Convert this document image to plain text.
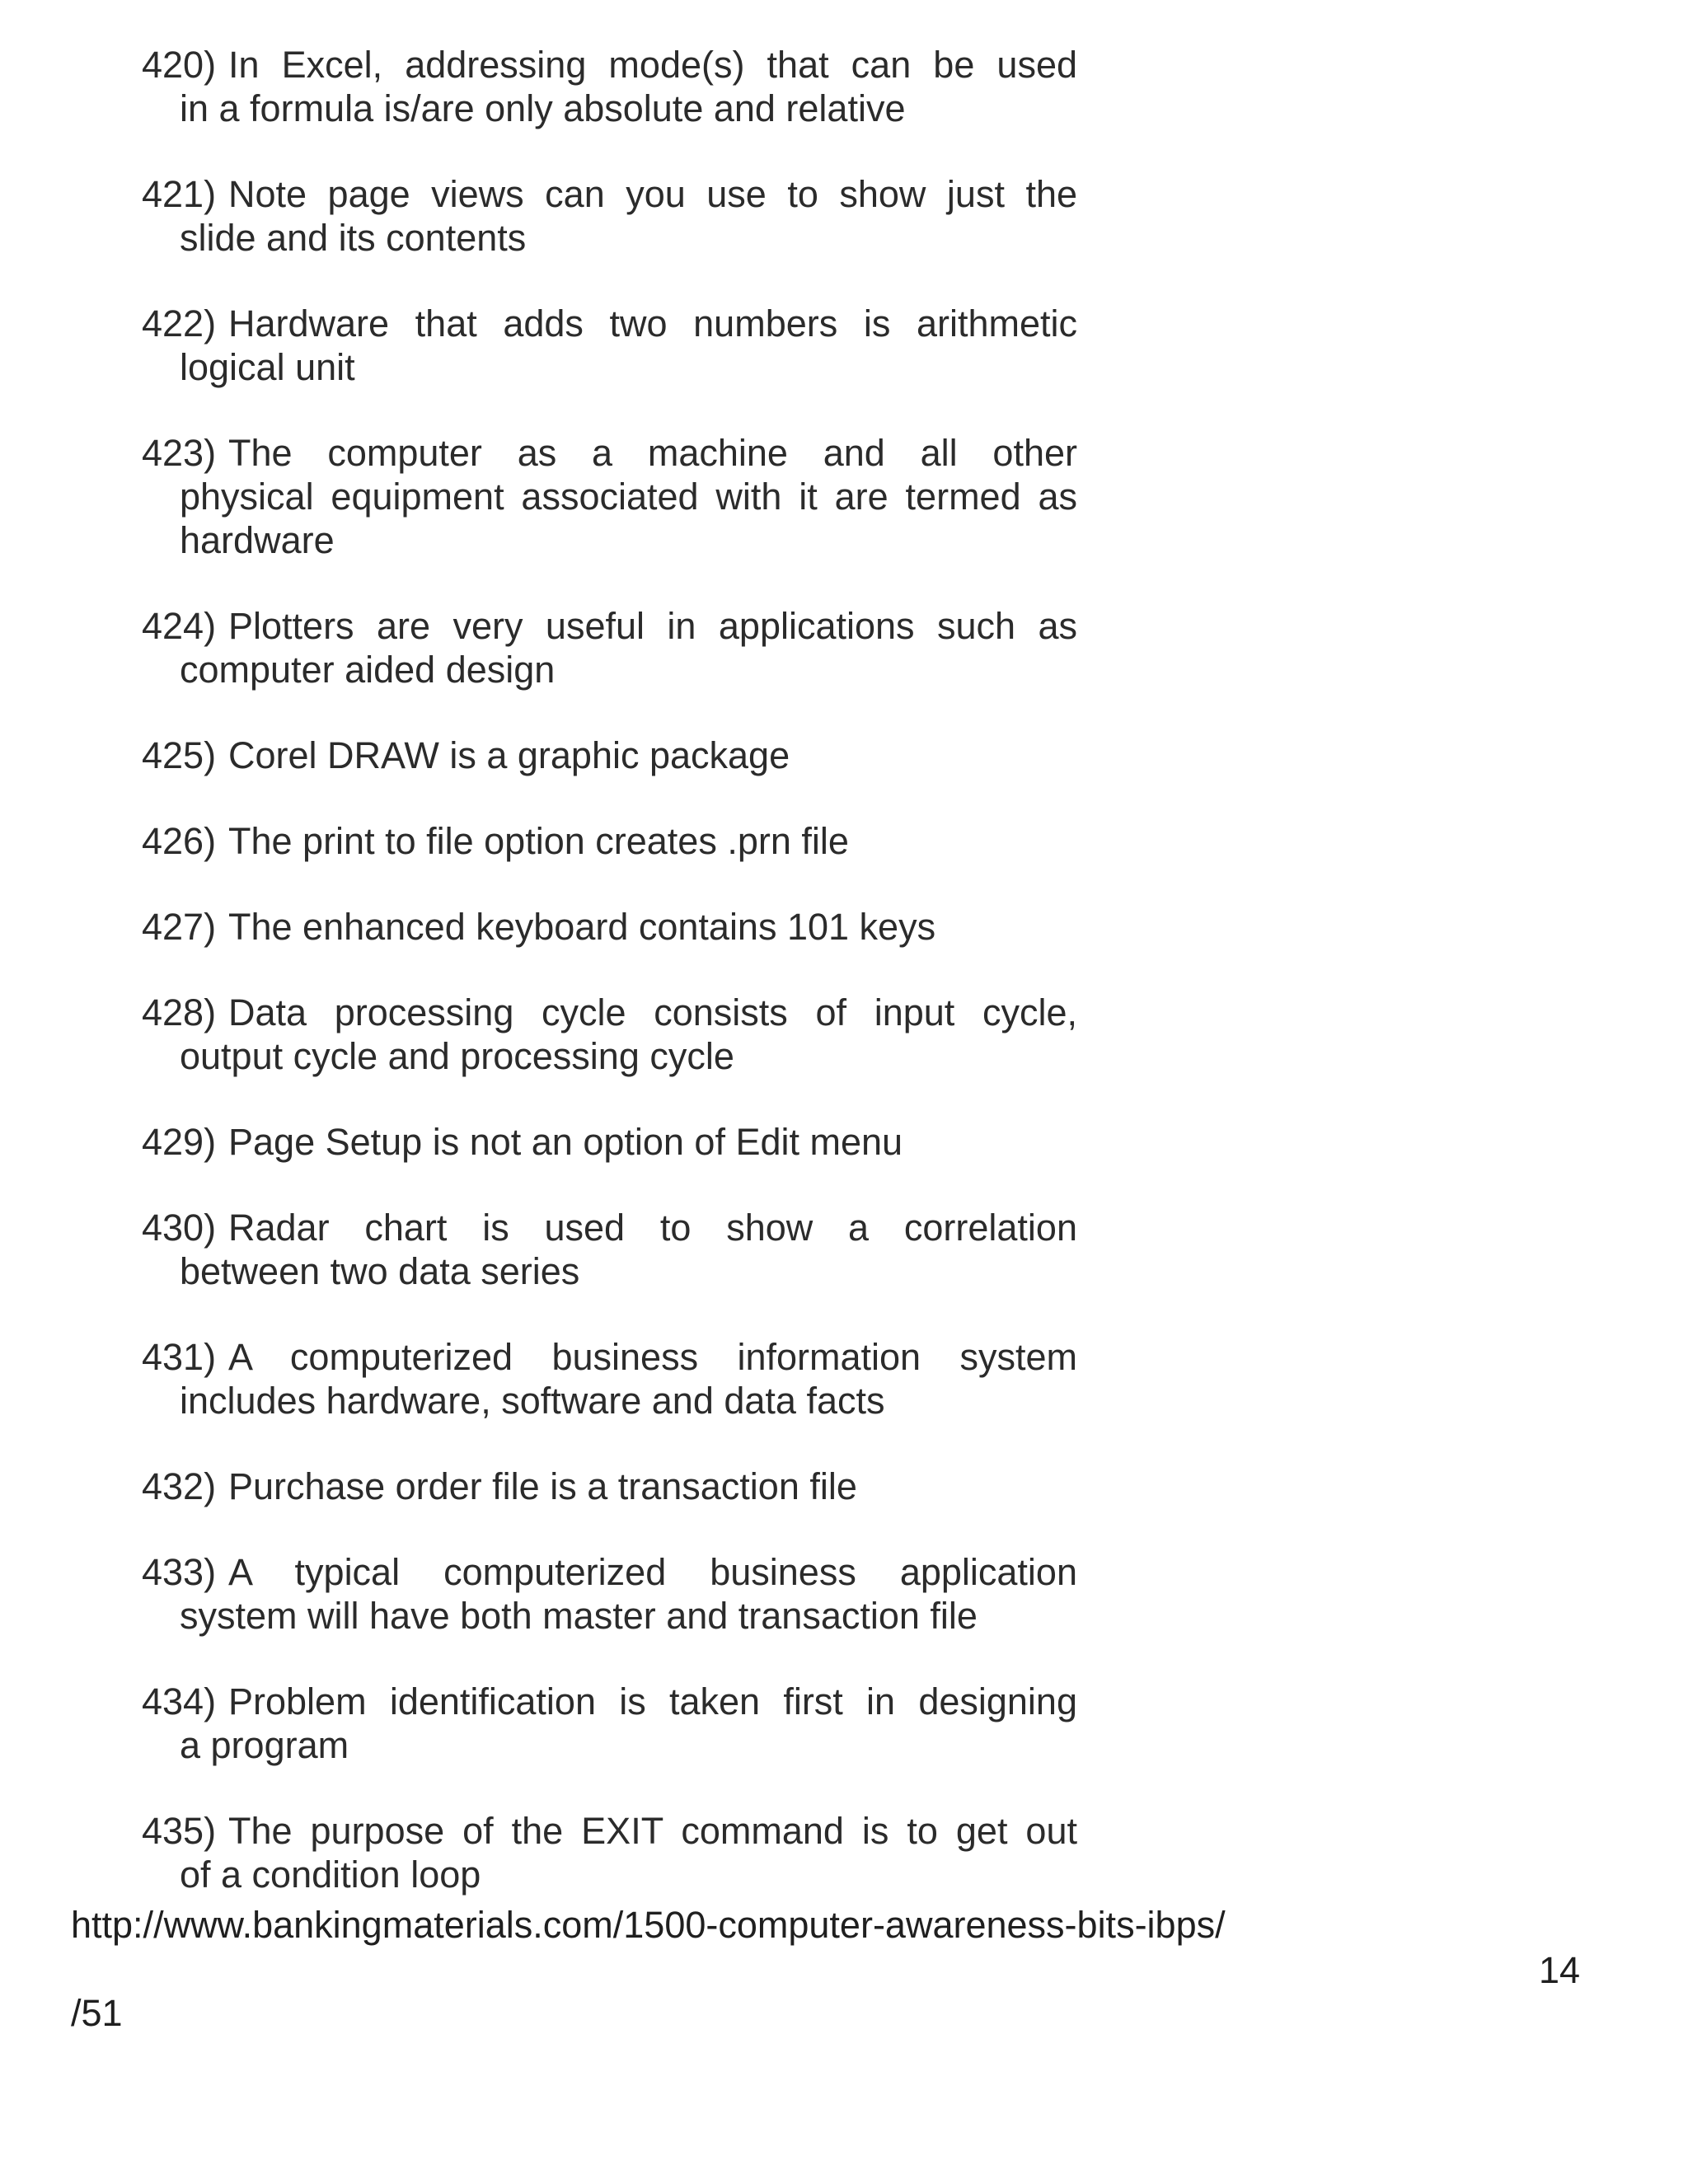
420) In Excel, addressing mode(s) that can be used
in a formula is/are only absolute and relative
421) Note page views can you use to show just the
slide and its contents
422) Hardware that adds two numbers is arithmetic
logical unit
423) The computer as a machine and all other
physical equipment associated with it are termed as
hardware
424) Plotters are very useful in applications such as
computer aided design
425) Corel DRAW is a graphic package
426) The print to file option creates .prn file
427) The enhanced keyboard contains 101 keys
428) Data processing cycle consists of input cycle,
output cycle and processing cycle
429) Page Setup is not an option of Edit menu
430) Radar chart is used to show a correlation
between two data series
431) A computerized business information system
includes hardware, software and data facts
432) Purchase order file is a transaction file
433) A typical computerized business application
system will have both master and transaction file
434) Problem identification is taken first in designing
a program
435) The purpose of the EXIT command is to get out
of a condition loop
http://www.bankingmaterials.com/1500-computer-awareness-bits-ibps/
14
/51
